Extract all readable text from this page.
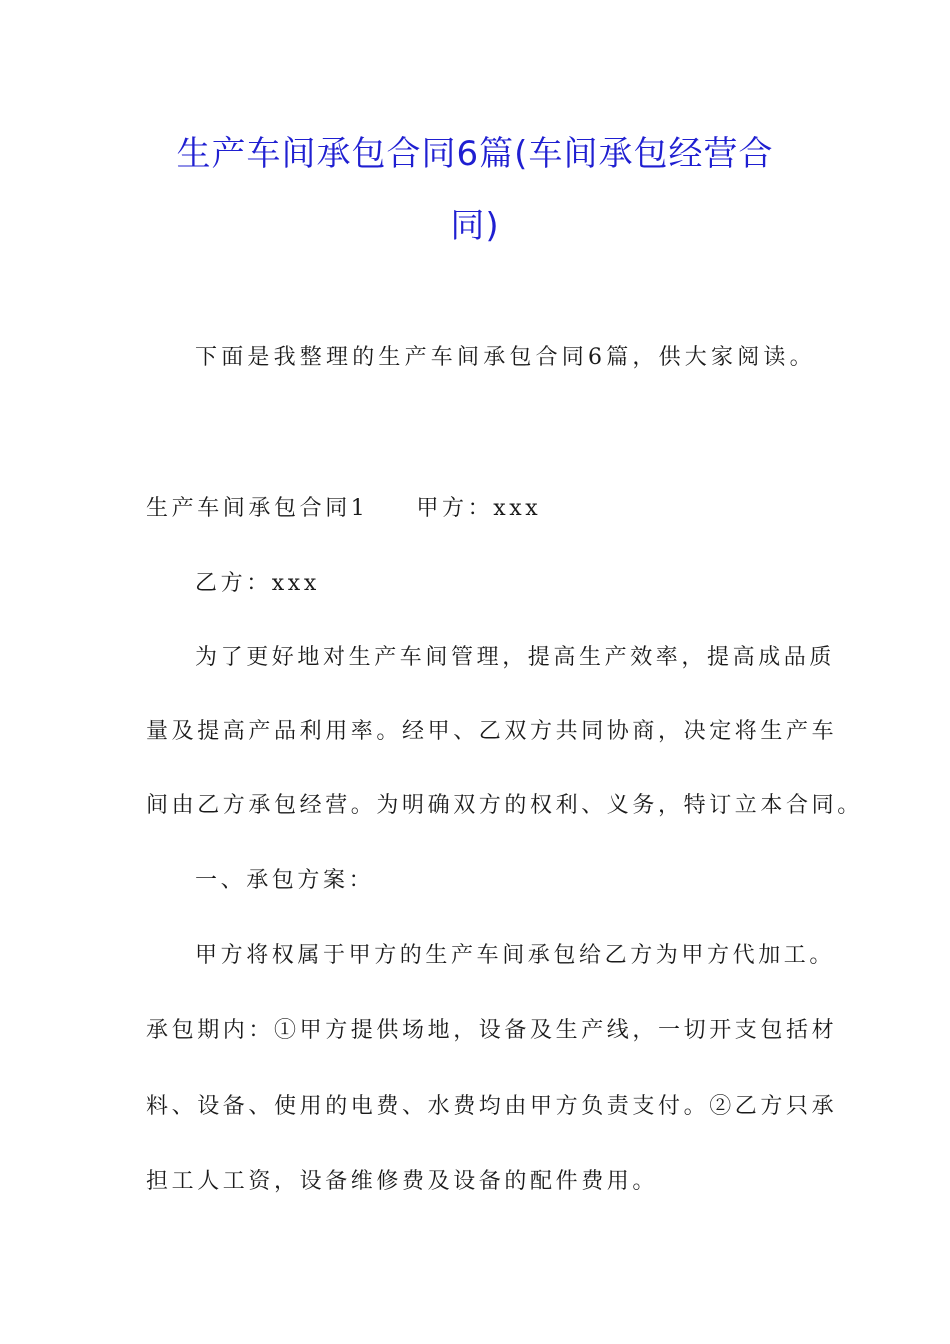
生产车间承包合同6篇(车间承包经营合
同)
下面是我整理的生产车间承包合同6篇，供大家阅读。
生产车间承包合同1 甲方：xxx
乙方：xxx
为了更好地对生产车间管理，提高生产效率，提高成品质
量及提高产品利用率。经甲、乙双方共同协商，决定将生产车
间由乙方承包经营。为明确双方的权利、义务，特订立本合同。
一、承包方案：
甲方将权属于甲方的生产车间承包给乙方为甲方代加工。
承包期内：①甲方提供场地，设备及生产线，一切开支包括材
料、设备、使用的电费、水费均由甲方负责支付。②乙方只承
担工人工资，设备维修费及设备的配件费用。
